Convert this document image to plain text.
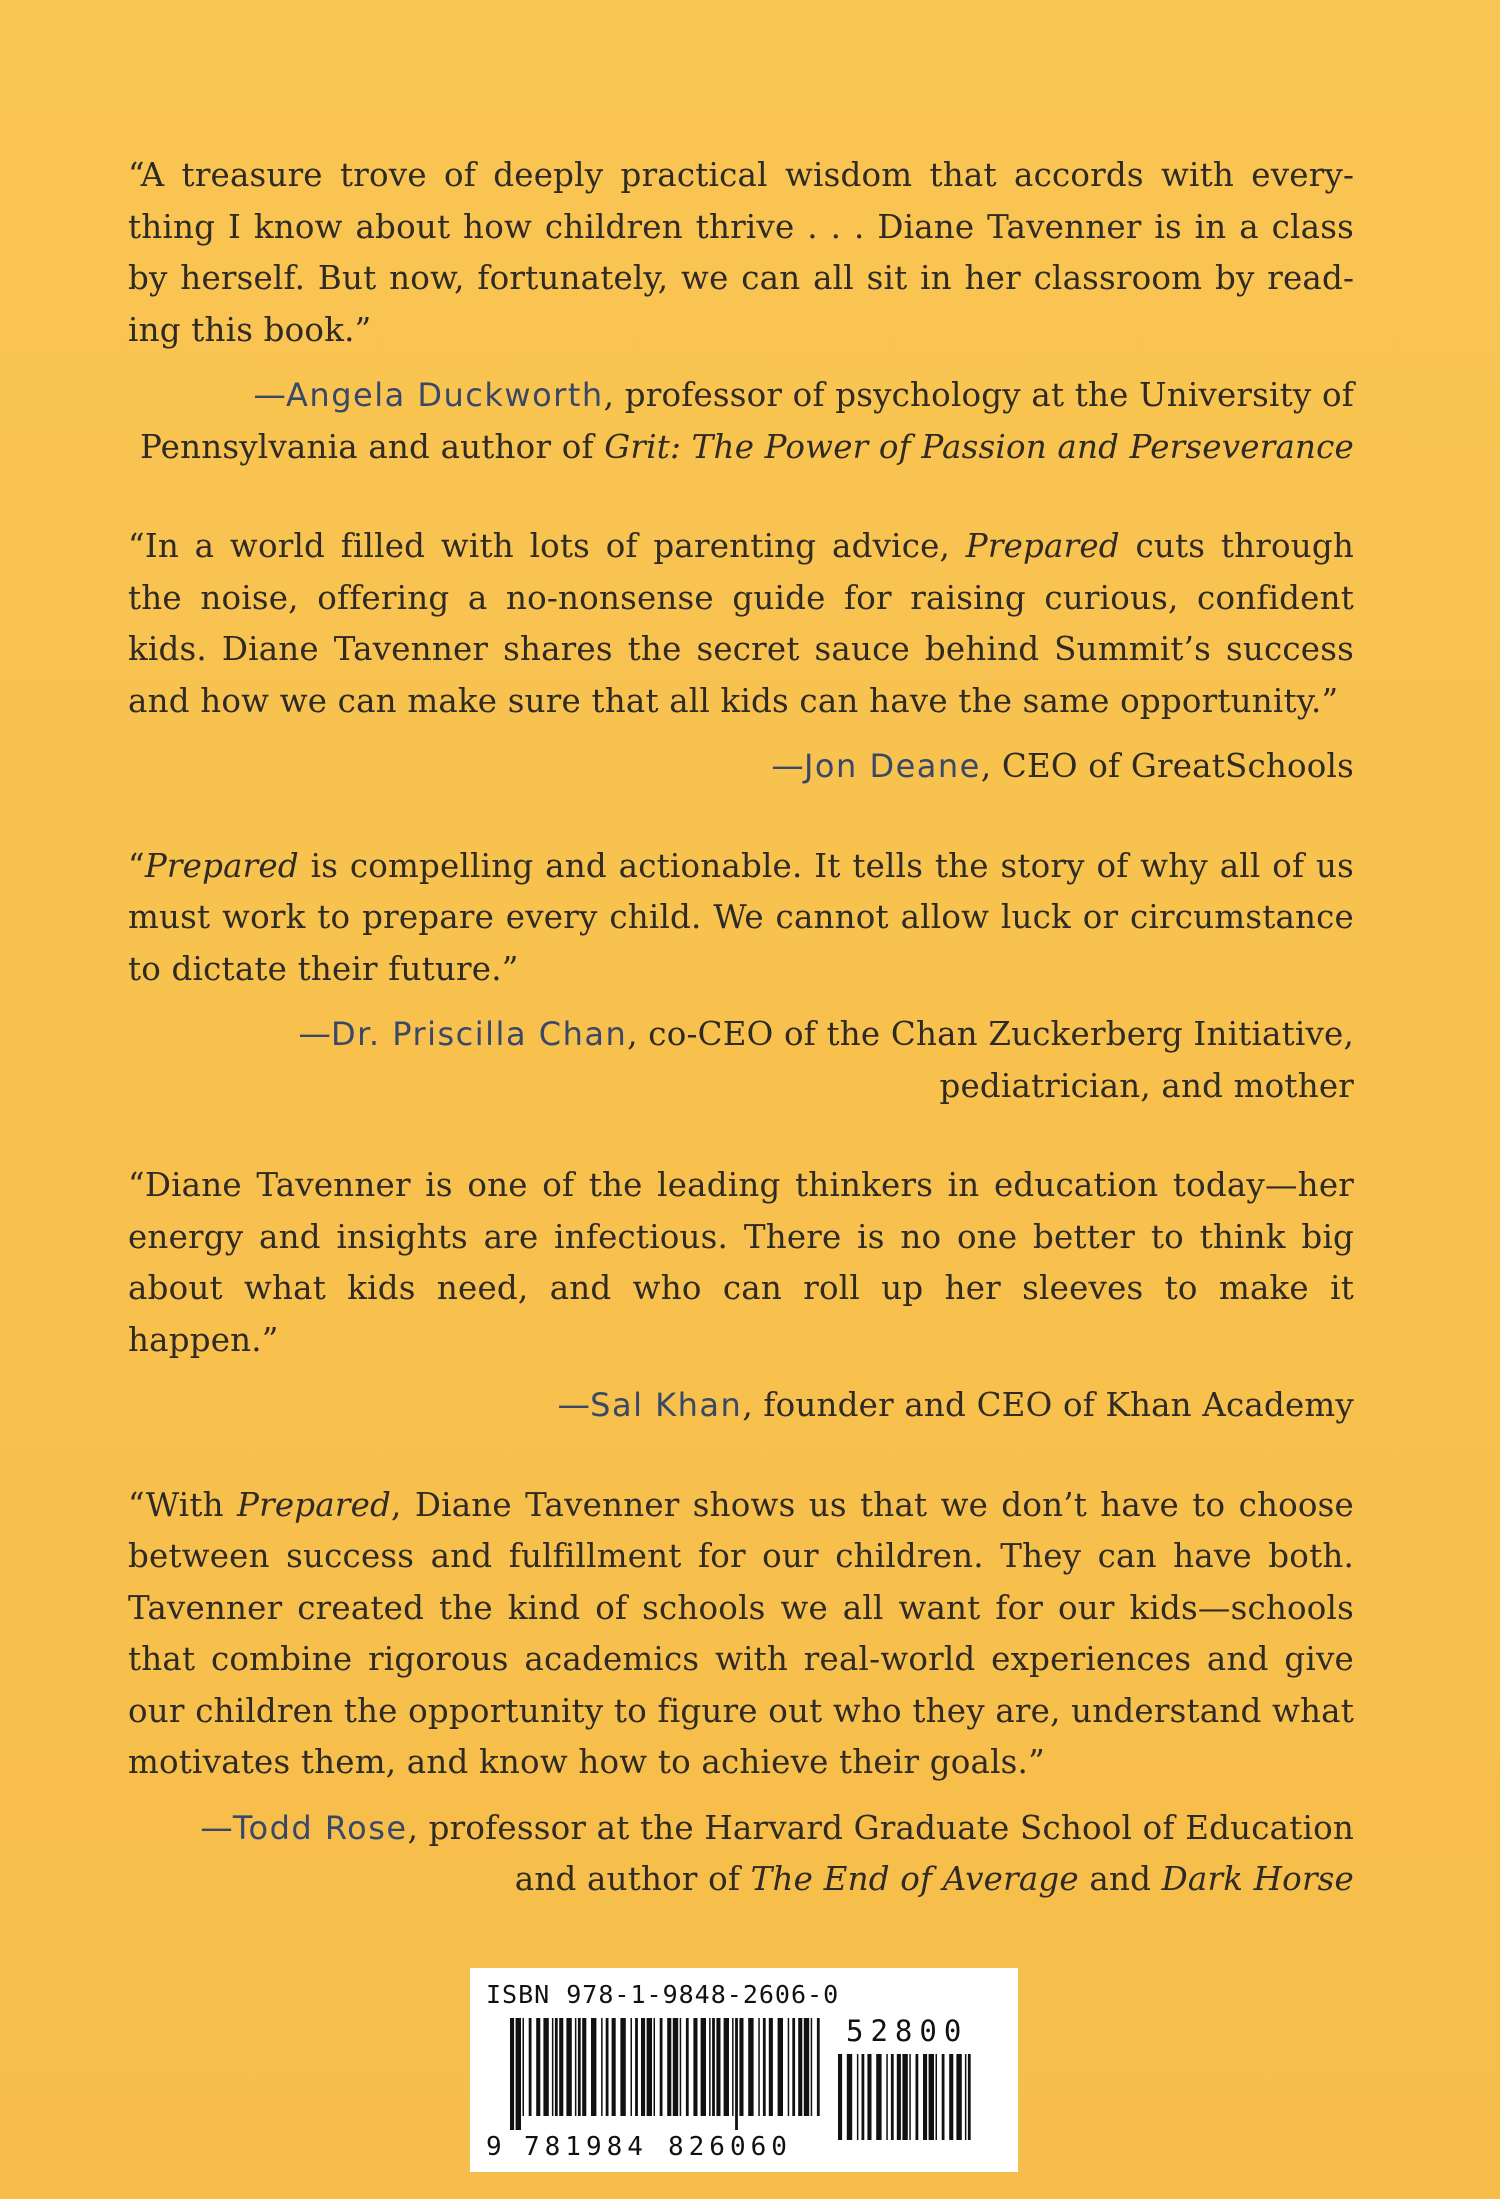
“A treasure trove of deeply practical wisdom that accords with everything I know about how children thrive . . . Diane Tavenner is in a class by herself. But now, fortunately, we can all sit in her classroom by reading this book.”

—Angela Duckworth, professor of psychology at the University of Pennsylvania and author of Grit: The Power of Passion and Perseverance

“In a world filled with lots of parenting advice, Prepared cuts through the noise, offering a no-nonsense guide for raising curious, confident kids. Diane Tavenner shares the secret sauce behind Summit’s success and how we can make sure that all kids can have the same opportunity.”

—Jon Deane, CEO of GreatSchools

“Prepared is compelling and actionable. It tells the story of why all of us must work to prepare every child. We cannot allow luck or circumstance to dictate their future.”

—Dr. Priscilla Chan, co-CEO of the Chan Zuckerberg Initiative, pediatrician, and mother

“Diane Tavenner is one of the leading thinkers in education today—her energy and insights are infectious. There is no one better to think big about what kids need, and who can roll up her sleeves to make it happen.”

—Sal Khan, founder and CEO of Khan Academy

“With Prepared, Diane Tavenner shows us that we don’t have to choose between success and fulfillment for our children. They can have both. Tavenner created the kind of schools we all want for our kids—schools that combine rigorous academics with real-world experiences and give our children the opportunity to figure out who they are, understand what motivates them, and know how to achieve their goals.”

—Todd Rose, professor at the Harvard Graduate School of Education and author of The End of Average and Dark Horse

ISBN 978-1-9848-2606-0
52800
9 781984 826060
